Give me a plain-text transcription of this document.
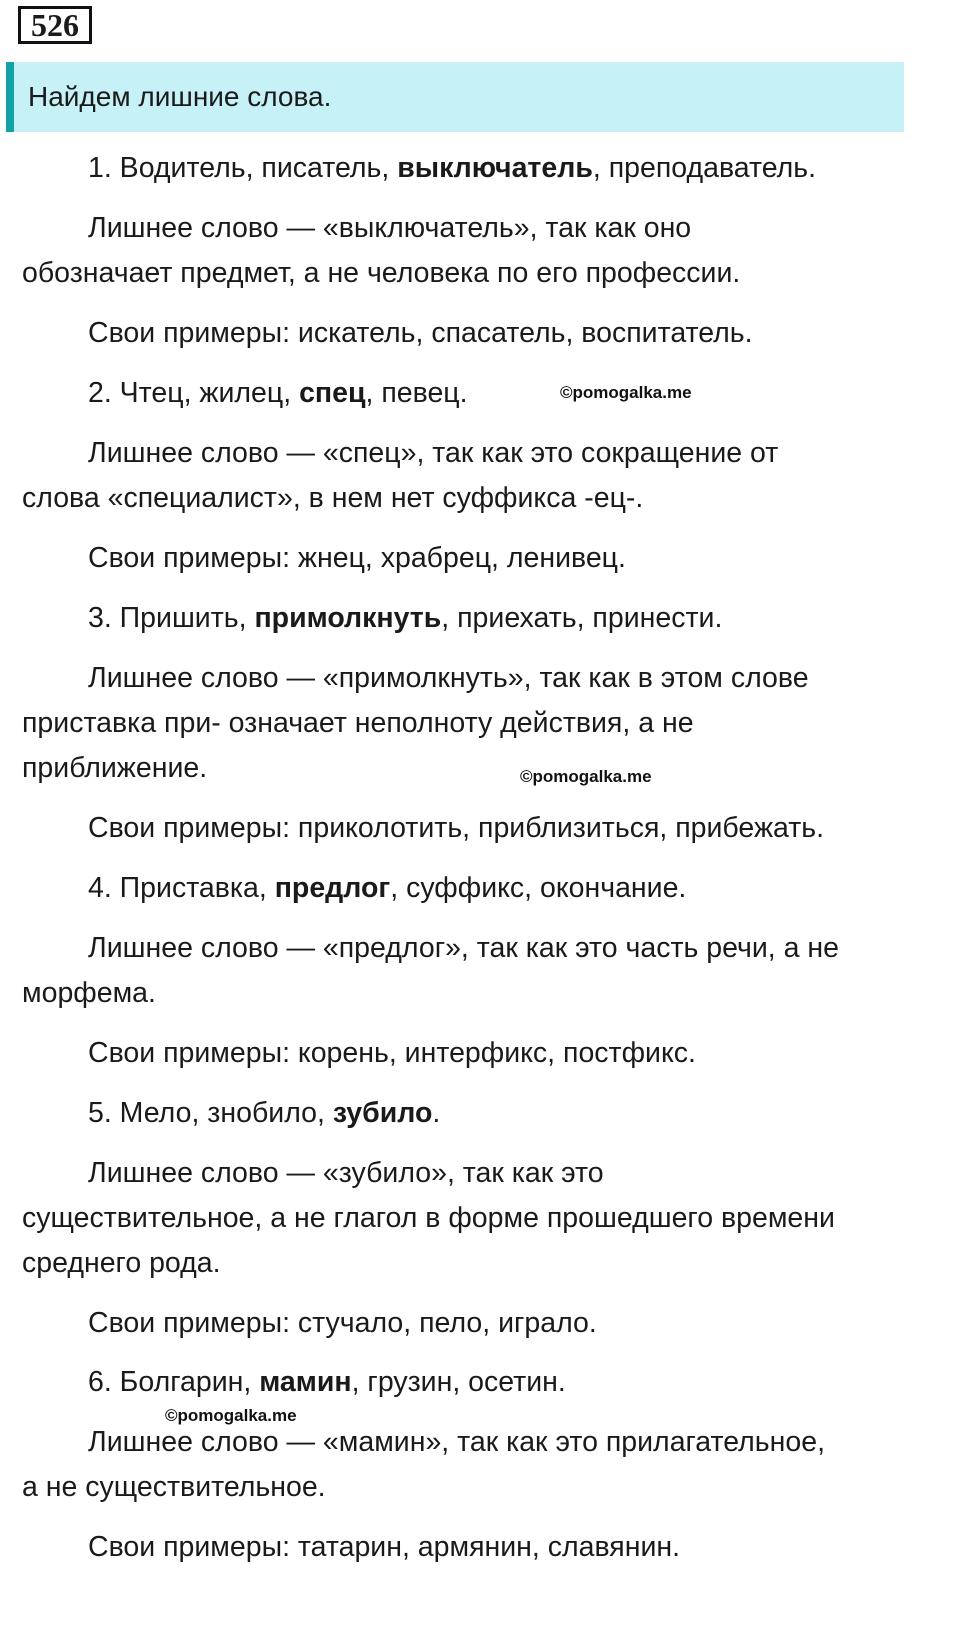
526
Найдем лишние слова.

1. Водитель, писатель, выключатель, преподаватель.

Лишнее слово — «выключатель», так как оно
обозначает предмет, а не человека по его профессии.

Свои примеры: искатель, спасатель, воспитатель.

2. Чтец, жилец, спец, певец.	©pomogalka.me
Лишнее слово — «спец», так как это сокращение от
слова «специалист», в нем нет суффикса -ец-.

Свои примеры: жнец, храбрец, ленивец.

3. Пришить, примолкнуть, приехать, принести.

Лишнее слово — «примолкнуть», так как в этом слове
приставка при- означает неполноту действия, а не
приближение.	©pomogalka.me

Свои примеры: приколотить, приблизиться, прибежать.

4. Приставка, предлог, суффикс, окончание.

Лишнее слово — «предлог», так как это часть речи, а не
морфема.

Свои примеры: корень, интерфикс, постфикс.

5. Мело, знобило, зубило.

Лишнее слово — «зубило», так как это
существительное, а не глагол в форме прошедшего времени
среднего рода.

Свои примеры: стучало, пело, играло.

6. Болгарин, мамин, грузин, осетин.

©pomogalka.me
Лишнее слово — «мамин», так как это прилагательное,
а не существительное.

Свои примеры: татарин, армянин, славянин.
